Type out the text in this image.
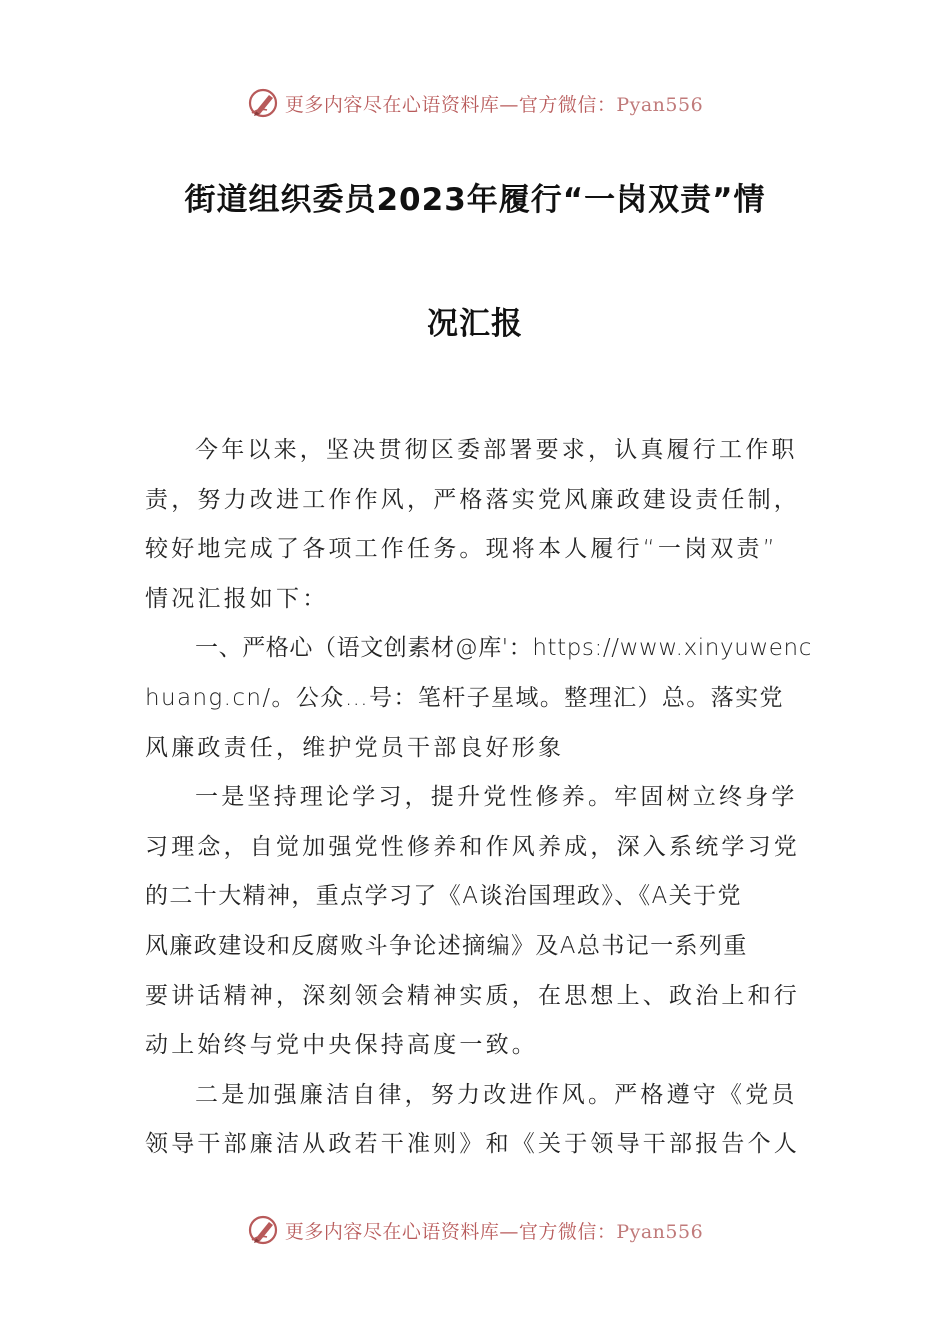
更多内容尽在心语资料库—官方微信：Pyan556
街道组织委员2023年履行“一岗双责”情
况汇报
今年以来，坚决贯彻区委部署要求，认真履行工作职
责，努力改进工作作风，严格落实党风廉政建设责任制，
较好地完成了各项工作任务。现将本人履行“一岗双责”
情况汇报如下：
一、严格心（语文创素材@库'：https://www.xinyuwenc
huang.cn/。公众…号：笔杆子星域。整理汇）总。落实党
风廉政责任，维护党员干部良好形象
一是坚持理论学习，提升党性修养。牢固树立终身学
习理念，自觉加强党性修养和作风养成，深入系统学习党
的二十大精神，重点学习了《A谈治国理政》、《A关于党
风廉政建设和反腐败斗争论述摘编》及A总书记一系列重
要讲话精神，深刻领会精神实质，在思想上、政治上和行
动上始终与党中央保持高度一致。
二是加强廉洁自律，努力改进作风。严格遵守《党员
领导干部廉洁从政若干准则》和《关于领导干部报告个人
更多内容尽在心语资料库—官方微信：Pyan556
